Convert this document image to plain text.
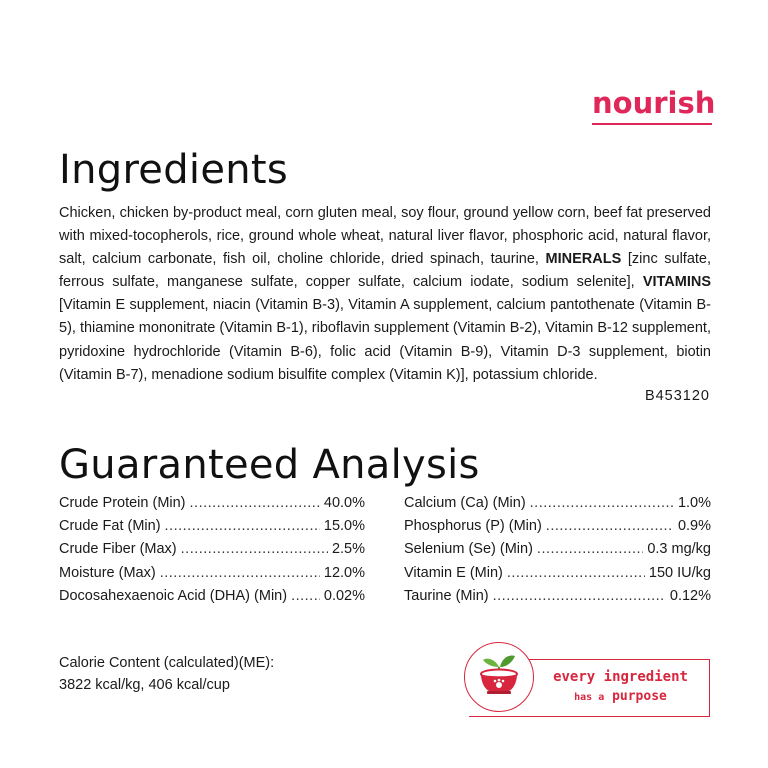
nourish
Ingredients
Chicken, chicken by-product meal, corn gluten meal, soy flour, ground yellow corn, beef fat preserved with mixed-tocopherols, rice, ground whole wheat, natural liver flavor, phosphoric acid, natural flavor, salt, calcium carbonate, fish oil, choline chloride, dried spinach, taurine, MINERALS [zinc sulfate, ferrous sulfate, manganese sulfate, copper sulfate, calcium iodate, sodium selenite], VITAMINS [Vitamin E supplement, niacin (Vitamin B-3), Vitamin A supplement, calcium pantothenate (Vitamin B-5), thiamine mononitrate (Vitamin B-1), riboflavin supplement (Vitamin B-2), Vitamin B-12 supplement, pyridoxine hydrochloride (Vitamin B-6), folic acid (Vitamin B-9), Vitamin D-3 supplement, biotin (Vitamin B-7), menadione sodium bisulfite complex (Vitamin K)], potassium chloride.
B453120
Guaranteed Analysis
Crude Protein (Min) .....	40.0%
Crude Fat (Min) .....	15.0%
Crude Fiber (Max) .....	2.5%
Moisture (Max) .....	12.0%
Docosahexaenoic Acid (DHA) (Min) .....	0.02%
Calcium (Ca) (Min) .....	1.0%
Phosphorus (P) (Min) .....	0.9%
Selenium (Se) (Min) .....	0.3 mg/kg
Vitamin E (Min) .....	150 IU/kg
Taurine (Min) .....	0.12%
Calorie Content (calculated)(ME):
3822 kcal/kg, 406 kcal/cup	every ingredient
has a purpose
